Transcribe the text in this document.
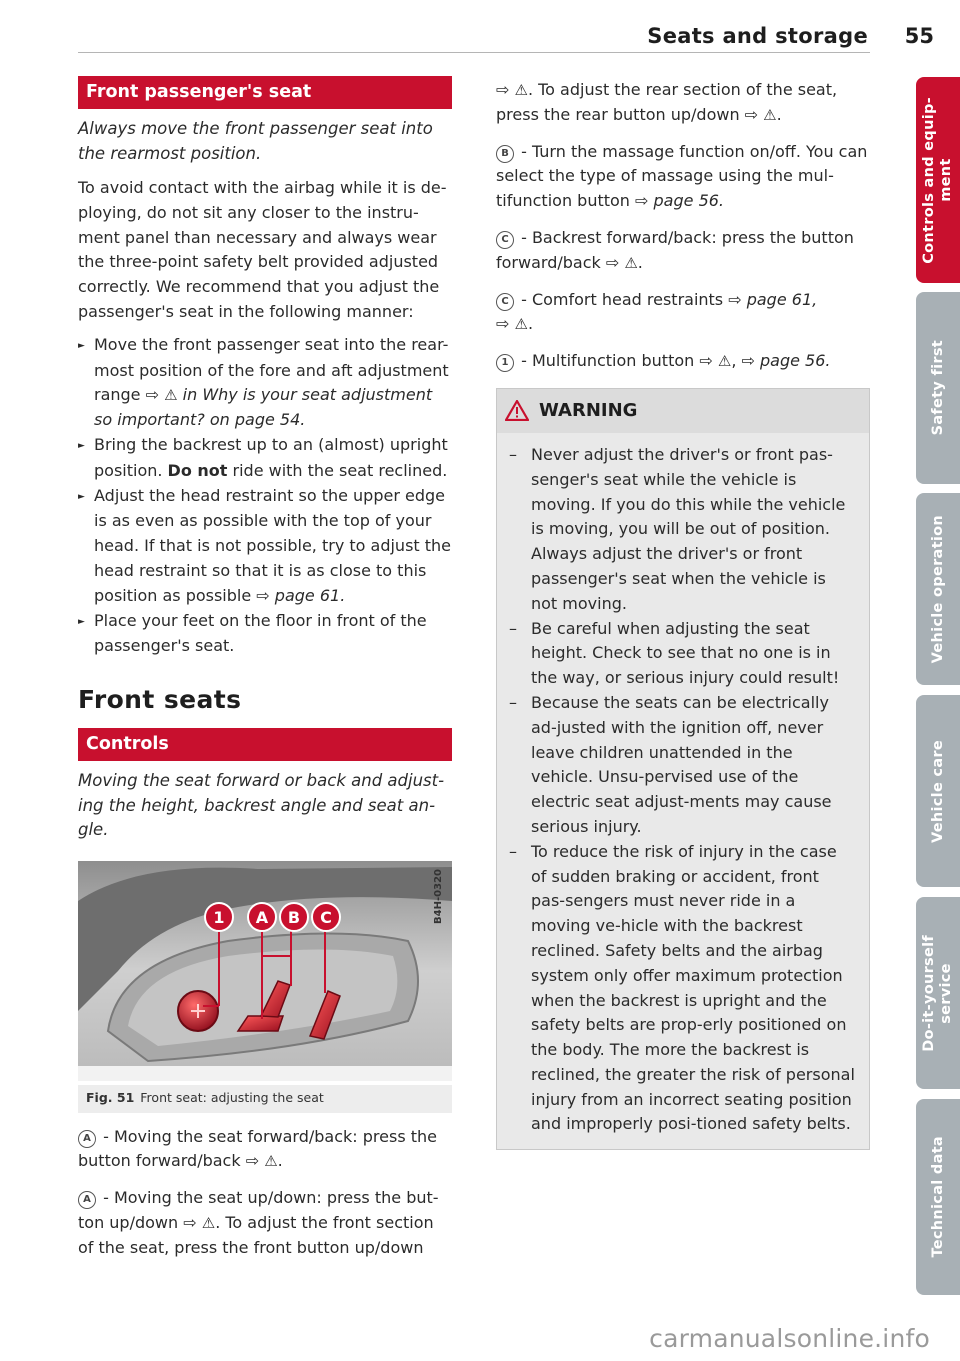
Seats and storage 55
Controls and equip-
ment
Safety first
Vehicle operation
Vehicle care
Do-it-yourself
service
Technical data
Front passenger's seat

Always move the front passenger seat into the rearmost position.

To avoid contact with the airbag while it is de-ploying, do not sit any closer to the instru-ment panel than necessary and always wear the three-point safety belt provided adjusted correctly. We recommend that you adjust the passenger's seat in the following manner:

► Move the front passenger seat into the rear-most position of the fore and aft adjustment range ⇨ ⚠ in Why is your seat adjustment so important? on page 54.

► Bring the backrest up to an (almost) upright position. Do not ride with the seat reclined.

► Adjust the head restraint so the upper edge is as even as possible with the top of your head. If that is not possible, try to adjust the head restraint so that it is as close to this position as possible ⇨ page 61.

► Place your feet on the floor in front of the passenger's seat.

Front seats
Controls

Moving the seat forward or back and adjust-ing the height, backrest angle and seat an-gle.

1 A B C	B4H-0320
Fig. 51 Front seat: adjusting the seat

A - Moving the seat forward/back: press the button forward/back ⇨ ⚠.

A - Moving the seat up/down: press the but-ton up/down ⇨ ⚠. To adjust the front section of the seat, press the front button up/down

⇨ ⚠. To adjust the rear section of the seat, press the rear button up/down ⇨ ⚠.

B - Turn the massage function on/off. You can select the type of massage using the mul-tifunction button ⇨ page 56.

C - Backrest forward/back: press the button forward/back ⇨ ⚠.

C - Comfort head restraints ⇨ page 61,
⇨ ⚠.

1 - Multifunction button ⇨ ⚠, ⇨ page 56.

WARNING

– Never adjust the driver's or front pas-senger's seat while the vehicle is moving. If you do this while the vehicle is moving, you will be out of position. Always adjust the driver's or front passenger's seat when the vehicle is not moving.

– Be careful when adjusting the seat height. Check to see that no one is in the way, or serious injury could result!

– Because the seats can be electrically ad-justed with the ignition off, never leave children unattended in the vehicle. Unsu-pervised use of the electric seat adjust-ments may cause serious injury.

– To reduce the risk of injury in the case of sudden braking or accident, front pas-sengers must never ride in a moving ve-hicle with the backrest reclined. Safety belts and the airbag system only offer maximum protection when the backrest is upright and the safety belts are prop-erly positioned on the body. The more the backrest is reclined, the greater the risk of personal injury from an incorrect seating position and improperly posi-tioned safety belts.

carmanualsonline.info
